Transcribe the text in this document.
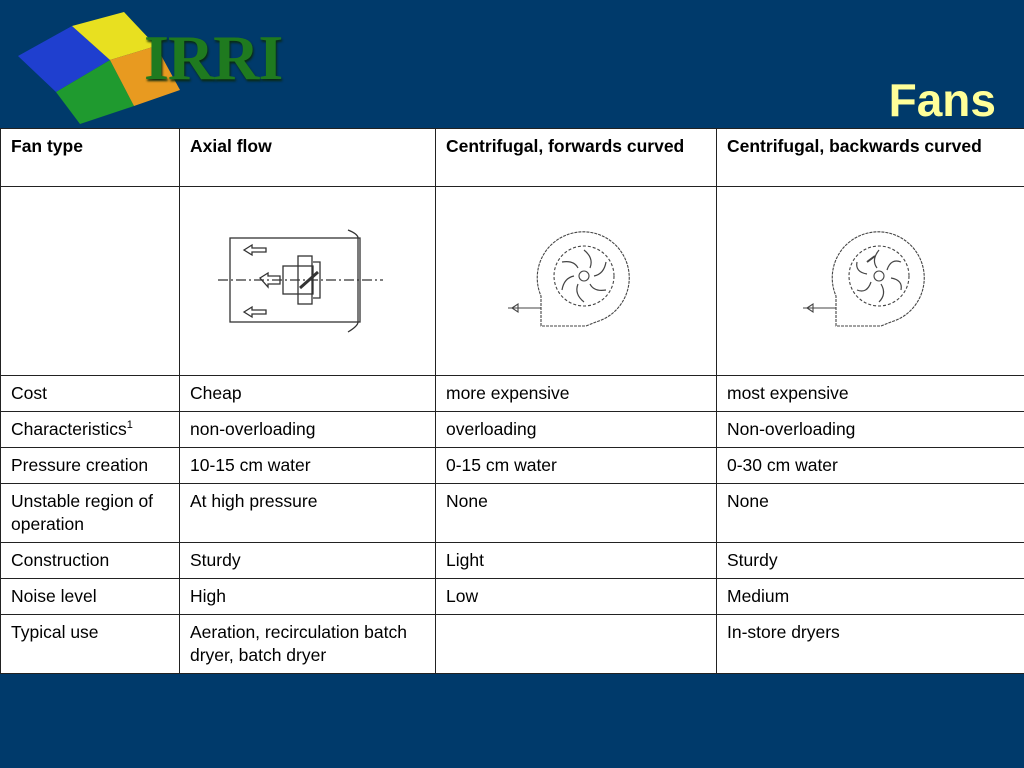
IRRI
Fans
Fan type	Axial flow	Centrifugal, forwards curved	Centrifugal, backwards curved

Cost	Cheap	more expensive	most expensive
Characteristics$^1$	non-overloading	overloading	Non-overloading
Pressure creation	10-15 cm water	0-15 cm water	0-30 cm water
Unstable region of operation	At high pressure	None	None
Construction	Sturdy	Light	Sturdy
Noise level	High	Low	Medium
Typical use	Aeration, recirculation batch dryer, batch dryer		In-store dryers
